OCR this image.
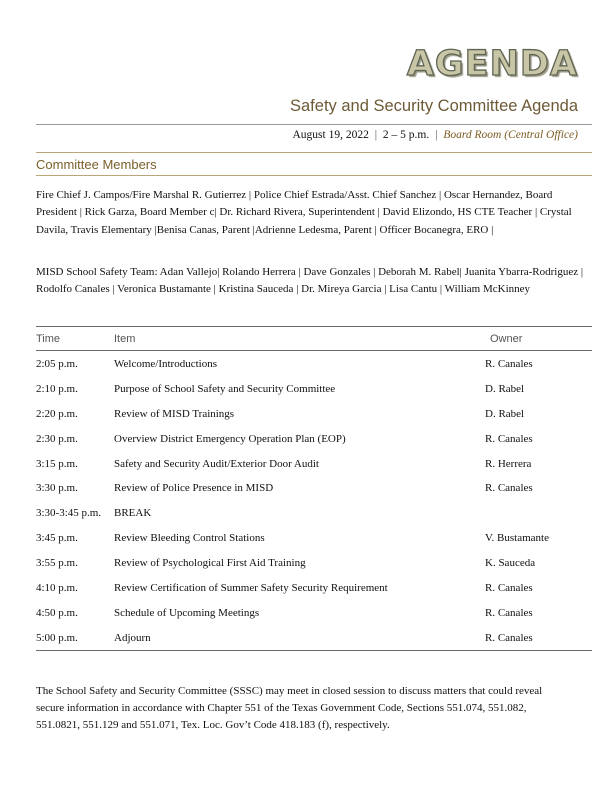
AGENDA
Safety and Security Committee Agenda
August 19, 2022 | 2 – 5 p.m. | Board Room (Central Office)
Committee Members

Fire Chief J. Campos/Fire Marshal R. Gutierrez | Police Chief Estrada/Asst. Chief Sanchez | Oscar Hernandez, Board President | Rick Garza, Board Member c| Dr. Richard Rivera, Superintendent | David Elizondo, HS CTE Teacher | Crystal Davila, Travis Elementary |Benisa Canas, Parent |Adrienne Ledesma, Parent | Officer Bocanegra, ERO |

MISD School Safety Team: Adan Vallejo| Rolando Herrera | Dave Gonzales | Deborah M. Rabel| Juanita Ybarra-Rodriguez | Rodolfo Canales | Veronica Bustamante | Kristina Sauceda | Dr. Mireya Garcia | Lisa Cantu | William McKinney

Time	Item	Owner
2:05 p.m.	Welcome/Introductions	R. Canales
2:10 p.m.	Purpose of School Safety and Security Committee	D. Rabel
2:20 p.m.	Review of MISD Trainings	D. Rabel
2:30 p.m.	Overview District Emergency Operation Plan (EOP)	R. Canales
3:15 p.m.	Safety and Security Audit/Exterior Door Audit	R. Herrera
3:30 p.m.	Review of Police Presence in MISD	R. Canales
3:30-3:45 p.m. BREAK
3:45 p.m.	Review Bleeding Control Stations	V. Bustamante
3:55 p.m.	Review of Psychological First Aid Training	K. Sauceda
4:10 p.m.	Review Certification of Summer Safety Security Requirement	R. Canales
4:50 p.m.	Schedule of Upcoming Meetings	R. Canales
5:00 p.m.	Adjourn	R. Canales

The School Safety and Security Committee (SSSC) may meet in closed session to discuss matters that could reveal secure information in accordance with Chapter 551 of the Texas Government Code, Sections 551.074, 551.082, 551.0821, 551.129 and 551.071, Tex. Loc. Gov’t Code 418.183 (f), respectively.
